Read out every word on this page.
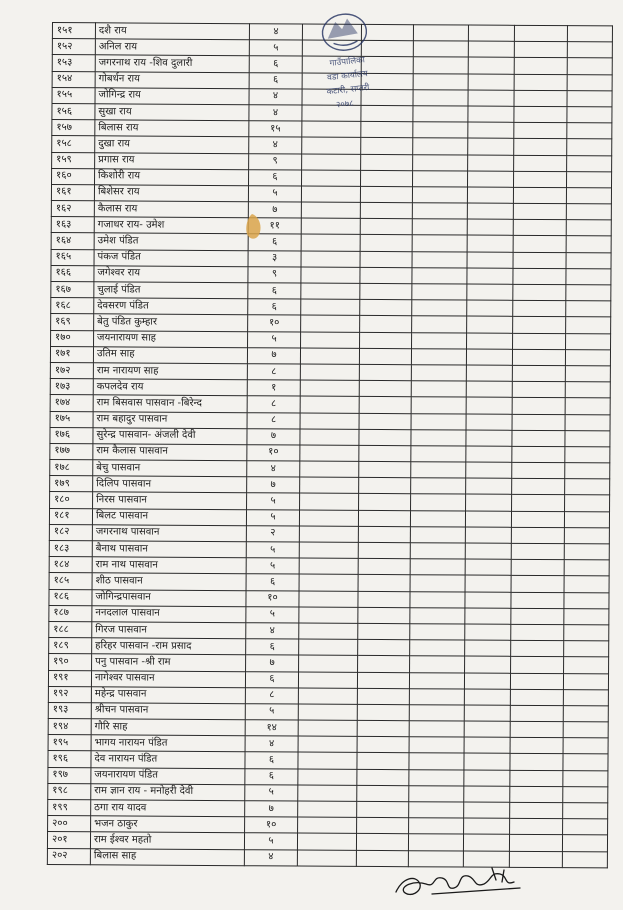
१५१	दशै राय	४						
१५२	अनिल राय	५						
१५३	जगरनाथ राय -शिव दुलारी	६						
१५४	गोबर्धन राय	६						
१५५	जोगिन्द्र राय	४						
१५६	सुखा राय	४						
१५७	बिलास राय	१५						
१५८	दुखा राय	४						
१५९	प्रगास राय	९						
१६०	किशोरी राय	६						
१६१	बिशेसर राय	५						
१६२	कैलास राय	७						
१६३	गजाधर राय- उमेश	११						
१६४	उमेश पंडित	६						
१६५	पंकज पंडित	३						
१६६	जगेश्वर राय	९						
१६७	चुलाई पंडित	६						
१६८	देवसरण पंडित	६						
१६९	बेतु पंडित कुम्हार	१०						
१७०	जयनारायण साह	५						
१७१	उतिम साह	७						
१७२	राम नारायण साह	८						
१७३	कपलदेव राय	१						
१७४	राम बिसवास पासवान -बिरेन्द	८						
१७५	राम बहादुर पासवान	८						
१७६	सुरेन्द्र पासवान- अंजली देवी	७						
१७७	राम कैलास पासवान	१०						
१७८	बेचु पासवान	४						
१७९	दिलिप पासवान	७						
१८०	निरस पासवान	५						
१८१	बिलट पासवान	५						
१८२	जगरनाथ पासवान	२						
१८३	बैनाथ पासवान	५						
१८४	राम नाथ पासवान	५						
१८५	शीठ पासवान	६						
१८६	जोगिन्द्रपासवान	१०						
१८७	ननदलाल पासवान	५						
१८८	गिरज पासवान	४						
१८९	हरिहर पासवान -राम प्रसाद	६						
१९०	पनु पासवान -श्री राम	७						
१९१	नागेश्वर पासवान	६						
१९२	महेन्द्र पासवान	८						
१९३	श्रीचन पासवान	५						
१९४	गौरि साह	१४						
१९५	भागय नारायन पंडित	४						
१९६	देव नारायन पंडित	६						
१९७	जयनारायण पंडित	६						
१९८	राम ज्ञान राय - मनोहरी देवी	५						
१९९	ठगा राय यादव	७						
२००	भजन ठाकुर	१०						
२०१	राम ईश्वर महतो	५						
२०२	बिलास साह	४						
गाउँपालिका
वडा कार्यालय
कटारी, सप्तरी
२०७८
